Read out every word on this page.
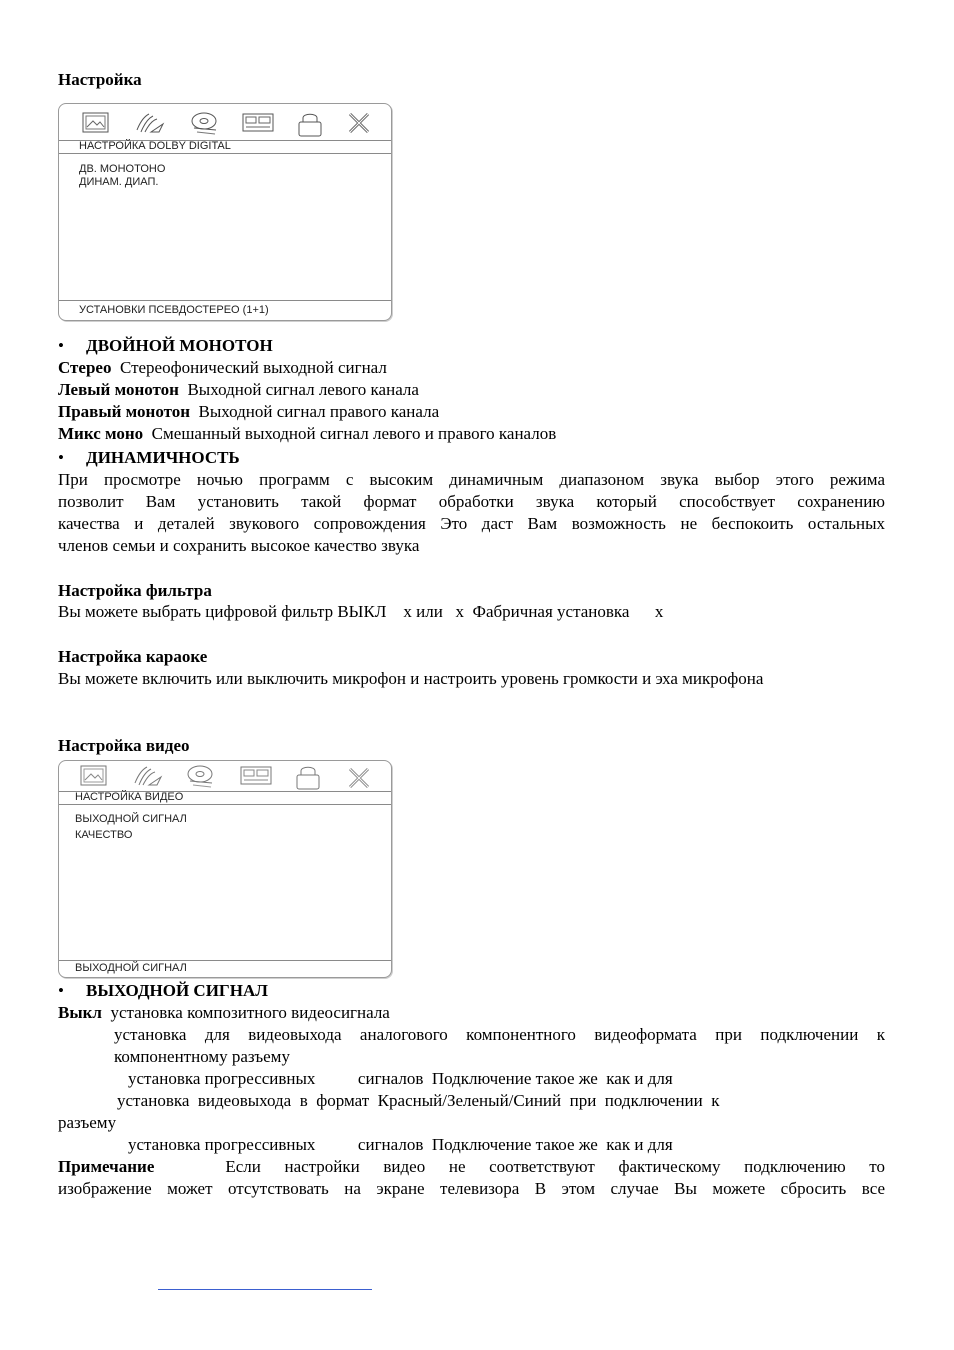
Настройка
НАСТРОЙКА DOLBY DIGITAL
ДВ. МОНОТОНО
ДИНАМ. ДИАП.
УСТАНОВКИ ПСЕВДОСТЕРЕО (1+1)
• ДВОЙНОЙ МОНОТОН
Стерео Стереофонический выходной сигнал
Левый монотон Выходной сигнал левого канала
Правый монотон Выходной сигнал правого канала
Микс моно Смешанный выходной сигнал левого и правого каналов
• ДИНАМИЧНОСТЬ
При просмотре ночью программ с высоким динамичным диапазоном звука выбор этого режима
позволит Вам установить такой формат обработки звука который способствует сохранению
качества и деталей звукового сопровождения Это даст Вам возможность не беспокоить остальных
членов семьи и сохранить высокое качество звука
Настройка фильтра
Вы можете выбрать цифровой фильтр ВЫКЛ    x или   x  Фабричная установка      x
Настройка караоке
Вы можете включить или выключить микрофон и настроить уровень громкости и эха микрофона
Настройка видео
НАСТРОЙКА ВИДЕО
ВЫХОДНОЙ СИГНАЛ
КАЧЕСТВО
ВЫХОДНОЙ СИГНАЛ
• ВЫХОДНОЙ СИГНАЛ
Выкл установка композитного видеосигнала
установка для видеовыхода аналогового компонентного видеоформата при подключении к
компонентному разъему
установка прогрессивных          сигналов  Подключение такое же  как и для
установка  видеовыхода  в  формат  Красный/Зеленый/Синий  при  подключении  к
разъему
установка прогрессивных          сигналов  Подключение такое же  как и для
Примечание	Если настройки видео не соответствуют фактическому подключению то
изображение может отсутствовать на экране телевизора В этом случае Вы можете сбросить все
